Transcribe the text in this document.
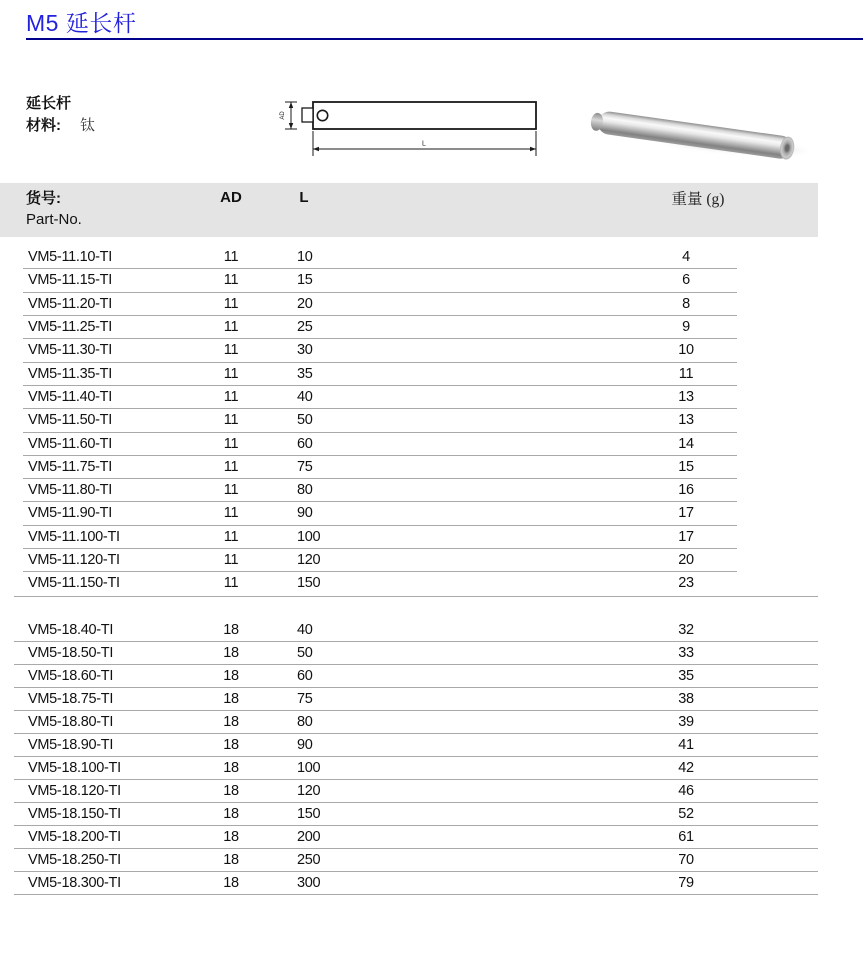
M5 延长杆
延长杆
材料: 钛
AD
L
货号:
Part-No.
AD	L	重量 (g)
VM5-11.10-TI	11	10	4
VM5-11.15-TI	11	15	6
VM5-11.20-TI	11	20	8
VM5-11.25-TI	11	25	9
VM5-11.30-TI	11	30	10
VM5-11.35-TI	11	35	11
VM5-11.40-TI	11	40	13
VM5-11.50-TI	11	50	13
VM5-11.60-TI	11	60	14
VM5-11.75-TI	11	75	15
VM5-11.80-TI	11	80	16
VM5-11.90-TI	11	90	17
VM5-11.100-TI	11	100	17
VM5-11.120-TI	11	120	20
VM5-11.150-TI	11	150	23
VM5-18.40-TI	18	40	32
VM5-18.50-TI	18	50	33
VM5-18.60-TI	18	60	35
VM5-18.75-TI	18	75	38
VM5-18.80-TI	18	80	39
VM5-18.90-TI	18	90	41
VM5-18.100-TI	18	100	42
VM5-18.120-TI	18	120	46
VM5-18.150-TI	18	150	52
VM5-18.200-TI	18	200	61
VM5-18.250-TI	18	250	70
VM5-18.300-TI	18	300	79
